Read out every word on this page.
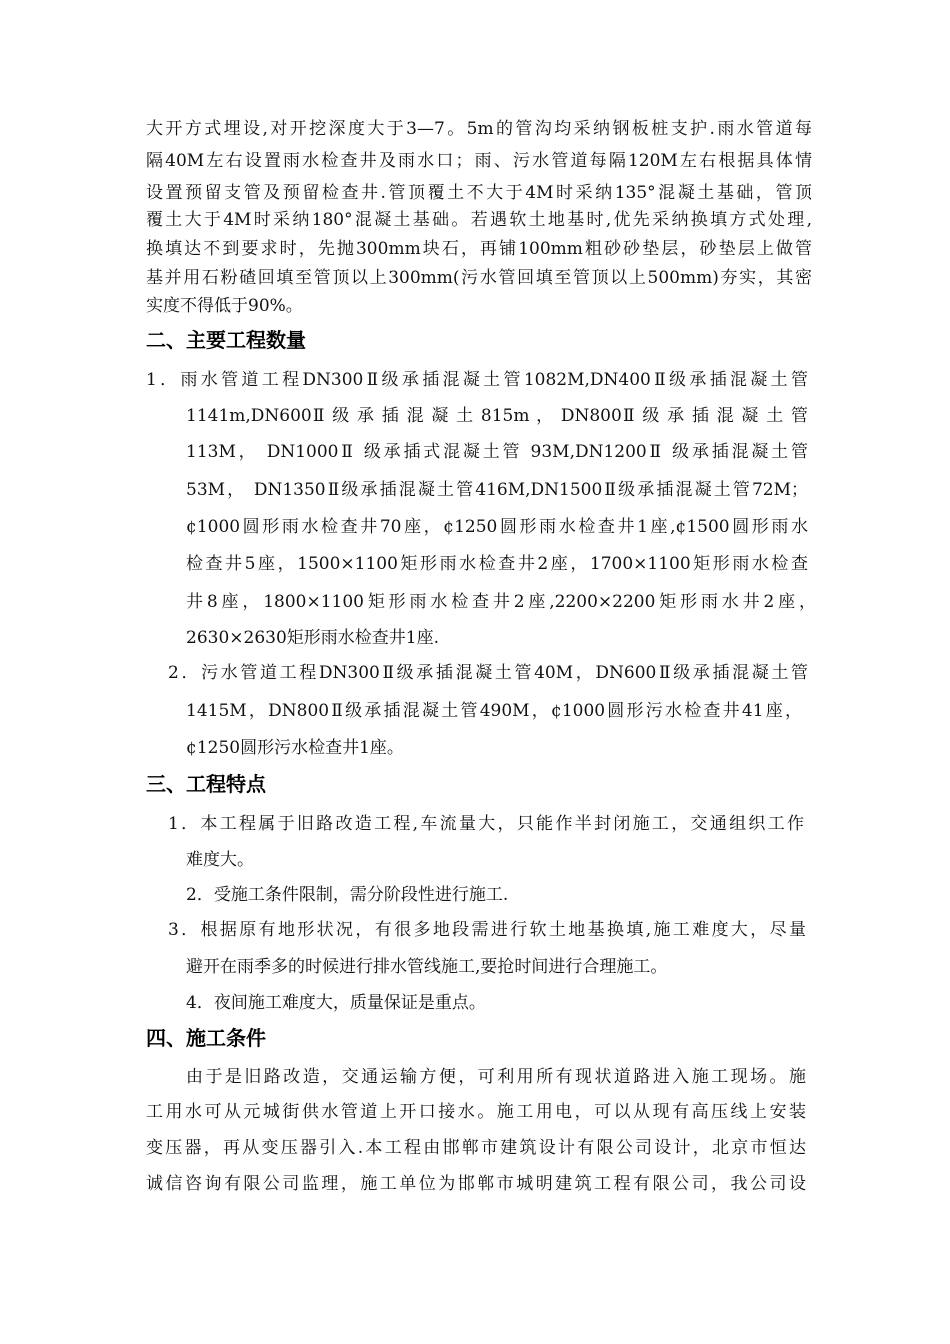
大开方式埋设,对开挖深度大于3—7。5m的管沟均采纳钢板桩支护.雨水管道每
隔40M左右设置雨水检查井及雨水口；雨、污水管道每隔120M左右根据具体情
设置预留支管及预留检查井.管顶覆土不大于4M时采纳135°混凝土基础，管顶
覆土大于4M时采纳180°混凝土基础。若遇软土地基时,优先采纳换填方式处理,
换填达不到要求时，先抛300mm块石，再铺100mm粗砂砂垫层，砂垫层上做管
基并用石粉碴回填至管顶以上300mm(污水管回填至管顶以上500mm)夯实，其密
实度不得低于90%。
二、主要工程数量
1．雨水管道工程DN300Ⅱ级承插混凝土管1082M,DN400Ⅱ级承插混凝土管
1141m,DN600Ⅱ 级 承 插 混 凝 土 815m ， DN800Ⅱ 级 承 插 混 凝 土 管
113M， DN1000Ⅱ 级承插式混凝土管 93M,DN1200Ⅱ 级承插混凝土管
53M， DN1350Ⅱ级承插混凝土管416M,DN1500Ⅱ级承插混凝土管72M；
¢1000圆形雨水检查井70座，¢1250圆形雨水检查井1座,¢1500圆形雨水
检查井5座，1500×1100矩形雨水检查井2座，1700×1100矩形雨水检查
井8座，1800×1100矩形雨水检查井2座,2200×2200矩形雨水井2座，
2630×2630矩形雨水检查井1座.
2．污水管道工程DN300Ⅱ级承插混凝土管40M，DN600Ⅱ级承插混凝土管
1415M，DN800Ⅱ级承插混凝土管490M，¢1000圆形污水检查井41座，
¢1250圆形污水检查井1座。
三、工程特点
1．本工程属于旧路改造工程,车流量大，只能作半封闭施工，交通组织工作
难度大。
2．受施工条件限制，需分阶段性进行施工.
3．根据原有地形状况，有很多地段需进行软土地基换填,施工难度大，尽量
避开在雨季多的时候进行排水管线施工,要抢时间进行合理施工。
4．夜间施工难度大，质量保证是重点。
四、施工条件
由于是旧路改造，交通运输方便，可利用所有现状道路进入施工现场。施
工用水可从元城街供水管道上开口接水。施工用电，可以从现有高压线上安装
变压器，再从变压器引入.本工程由邯郸市建筑设计有限公司设计，北京市恒达
诚信咨询有限公司监理，施工单位为邯郸市城明建筑工程有限公司，我公司设
